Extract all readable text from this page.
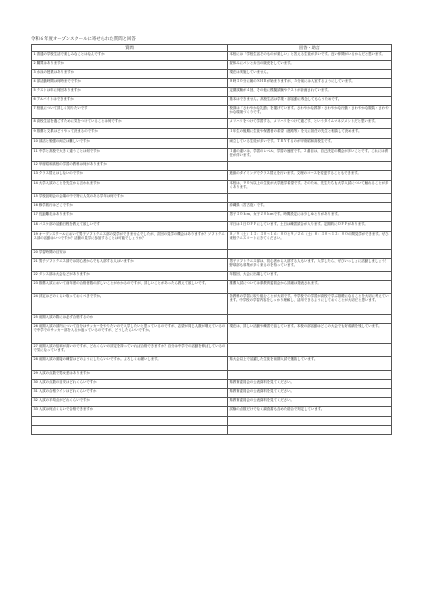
令和６年度オープンスクールに寄せられた質問と回答
質問	回答・助言
1 普通の学校生活で楽しみなことはなんですか	本校には「学校生活そのものが楽しい」と答える生徒が多いです。良い仲間がいるからだと思います。
2 購買はありますか	昼休みにパンと弁当の販売をしています。
3 水泳の授業はありますか	現在は実施していません。
4 部活動時間は何時までですか	８時３０分に朝のＳＨＲが始まりますが、５分前には入室するようにしています。
5 テストは年に何回ありますか	定期試験が４回、その他に模擬試験やテストが計画されています。
6 アルバイトはできますか	基本はできません。高校生活は学業・部活動に専念してもらうためです。
7 校風について詳しく知りたいです	校訓は「さわやかな礼節」を掲げています。さわやかな挨拶・さわやかな行動・さわやかな服装・さわやかな環境づくりです。
8 高校生活を過ごすために気をつけていることは何ですか	メリハリをつけて学習する、メリハリをつけて過ごす、というタイムマネジメントだと思います。
9 推薦と文系はどうやって決まるのですか	１年生の後期に生徒や保護者の希望（進路等）を元に担任の先生と相談して決めます。
10 部活と勉強の両立は難しいですか	両立している生徒が多いです。ＴＲＹするのが甲府昭和高校生です。
11 中学と高校で大きく違うことは何ですか	１番の違いは、学習のレベル、学習の速度です。２番目は、自己決定の機会が多いことです。これには責任が伴います。
12 甲府昭和高校の学習の教科は何がありますか	
13 クラス替えはしないのですか	進級のタイミングでクラス替えを行います。文理のコースを変更することもできます。
14 大学入試のことを先生から言われますか	本校は、９０％以上の生徒が大学進学希望です。そのため、先生たちも大学入試について触れることが多くあります。
15 学校説明会の会場の中で特に人気のある学年は何ですか	
16 修学旅行はどこですか	沖縄県（宮古島）です。
17 長距離走はありますか	男子３０ｋｍ、女子２０ｋｍです。時間設定には少しゆとりがあります。
18 バスケ部の活動日程を教えて欲しいです	平日は１日ＯＦＦにしています。土日は練習試合が入ります。定期的にＯＦＦがあります。
19 オープンスクールにおいて男子ソフトテニス部の見学ができませんでしたが、次回の見学の機会はありますか？ソフトテニス部の活動はいつですか？活動の見学に参加することは可能でしょうか？	８／９（土）１３：３０～１６：００と９／２６（土）８：３０～１２：００の間見学ができます。ぜひ来校テニスコートにきてください。
20 学習時間の目安は	
21 男子ソフトテニス部では初心者からでも入部する人はいますか	男子ソフトテニス部は、初心者から入部する人もいます。入学したら、ぜひいっしょに活動しましょう！野球部も募集が多く来るのを待っています。
22 ダンス部は大会などがありますか	年数回、大会に出場しています。
23 推薦入試において前年度の合格者数の詳しいことがわかるのですが、詳しいことがあったら教えて欲しいです。	推薦入試については県教育委員会から詳細は発表されます。
24 評定はどのくらい取っておくべきですか。	各教科の学習に取り組むことが大切です。中学校での学習が高校で学ぶ基礎になることを大切に考えています。中学校の学習内容をしっかり理解し、活用できるようにしておくことが大切だと思います。
25 前期入試の際には必ず合格するのか	
26 前期入試の部内について自分はサッカーをやりたいので入学したいと思っているのですが、志望が同じ人数が増えているので中学でのサッカー部を入るか迷っているのですが、どうしたらいいですか。	現在は、詳しい活動や練習で話しています。本校の部活動はどこの大会でも好成績を残しています。
27 前期入試の倍率が高いのですが、どれくらいの評定を持っていれば合格できますか？自分は中学での活動を伸ばしているので気になっています。	
28 前期入試の面接の練習はどのようにしたらいいですか。よろしくお願いします。	県大会以上で活躍した生徒を前期入試で選抜しています。
29 入試の点数で男女差はありますか	
30 入試の点数の目安はどれくらいですか	県教育委員会の公表資料を見てください。
31 入試の合格ラインはどれくらいですか	県教育委員会の公表資料を見てください。
32 入試の平均点がどれくらいですか	県教育委員会の公表資料を見てください。
33 入試は何点くらいで合格できますか	試験の点数だけでなく調査書も含めた総合で判定しています。
